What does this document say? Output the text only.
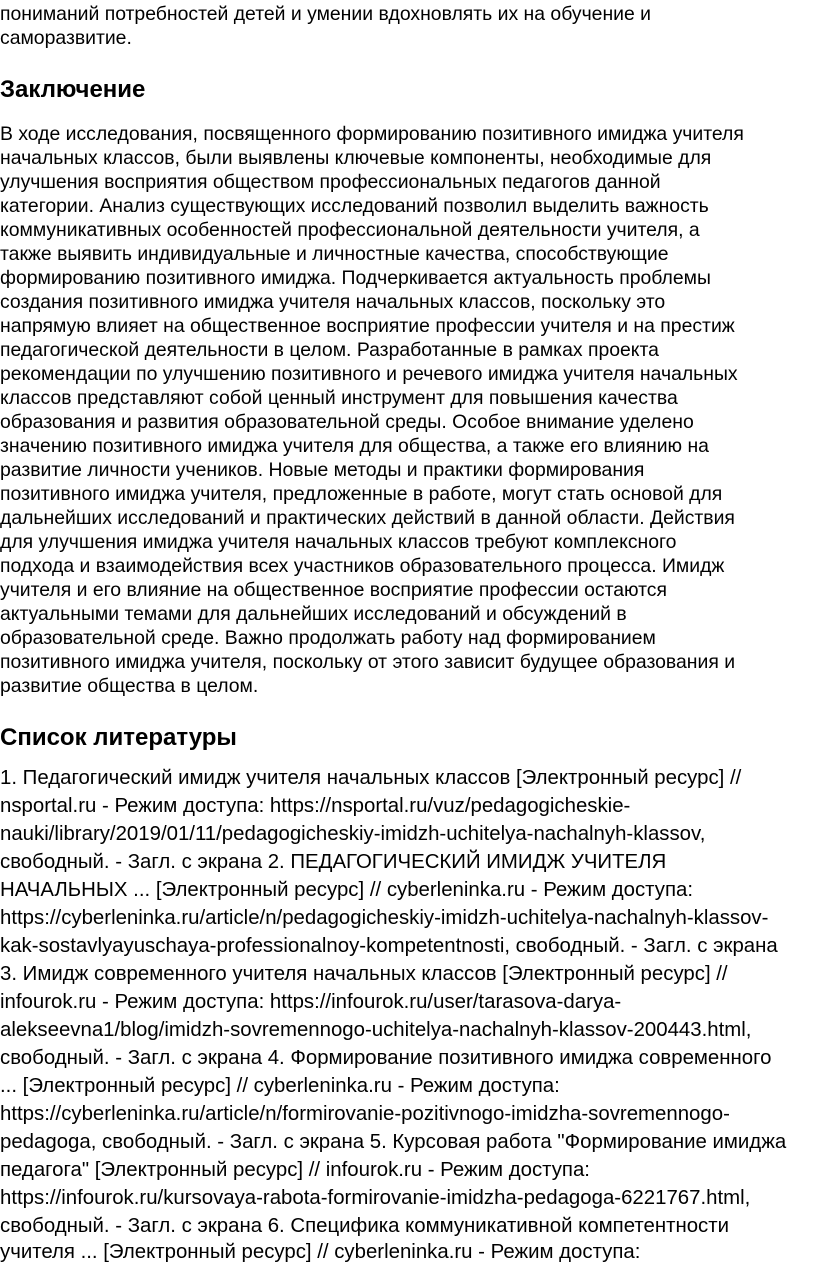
пониманий потребностей детей и умении вдохновлять их на обучение и

саморазвитие.

Заключение

В ходе исследования, посвященного формированию позитивного имиджа учителя

начальных классов, были выявлены ключевые компоненты, необходимые для

улучшения восприятия обществом профессиональных педагогов данной

категории. Анализ существующих исследований позволил выделить важность

коммуникативных особенностей профессиональной деятельности учителя, а

также выявить индивидуальные и личностные качества, способствующие

формированию позитивного имиджа. Подчеркивается актуальность проблемы

создания позитивного имиджа учителя начальных классов, поскольку это

напрямую влияет на общественное восприятие профессии учителя и на престиж

педагогической деятельности в целом. Разработанные в рамках проекта

рекомендации по улучшению позитивного и речевого имиджа учителя начальных

классов представляют собой ценный инструмент для повышения качества

образования и развития образовательной среды. Особое внимание уделено

значению позитивного имиджа учителя для общества, а также его влиянию на

развитие личности учеников. Новые методы и практики формирования

позитивного имиджа учителя, предложенные в работе, могут стать основой для

дальнейших исследований и практических действий в данной области. Действия

для улучшения имиджа учителя начальных классов требуют комплексного

подхода и взаимодействия всех участников образовательного процесса. Имидж

учителя и его влияние на общественное восприятие профессии остаются

актуальными темами для дальнейших исследований и обсуждений в

образовательной среде. Важно продолжать работу над формированием

позитивного имиджа учителя, поскольку от этого зависит будущее образования и

развитие общества в целом.

Список литературы

1. Педагогический имидж учителя начальных классов [Электронный ресурс] //

nsportal.ru - Режим доступа: https://nsportal.ru/vuz/pedagogicheskie-

nauki/library/2019/01/11/pedagogicheskiy-imidzh-uchitelya-nachalnyh-klassov,

свободный. - Загл. с экрана 2. ПЕДАГОГИЧЕСКИЙ ИМИДЖ УЧИТЕЛЯ

НАЧАЛЬНЫХ ... [Электронный ресурс] // cyberleninka.ru - Режим доступа:

https://cyberleninka.ru/article/n/pedagogicheskiy-imidzh-uchitelya-nachalnyh-klassov-

kak-sostavlyayuschaya-professionalnoy-kompetentnosti, свободный. - Загл. с экрана

3. Имидж современного учителя начальных классов [Электронный ресурс] //

infourok.ru - Режим доступа: https://infourok.ru/user/tarasova-darya-

alekseevna1/blog/imidzh-sovremennogo-uchitelya-nachalnyh-klassov-200443.html,

свободный. - Загл. с экрана 4. Формирование позитивного имиджа современного

... [Электронный ресурс] // cyberleninka.ru - Режим доступа:

https://cyberleninka.ru/article/n/formirovanie-pozitivnogo-imidzha-sovremennogo-

pedagoga, свободный. - Загл. с экрана 5. Курсовая работа "Формирование имиджа

педагога" [Электронный ресурс] // infourok.ru - Режим доступа:

https://infourok.ru/kursovaya-rabota-formirovanie-imidzha-pedagoga-6221767.html,

свободный. - Загл. с экрана 6. Специфика коммуникативной компетентности

учителя ... [Электронный ресурс] // cyberleninka.ru - Режим доступа:
